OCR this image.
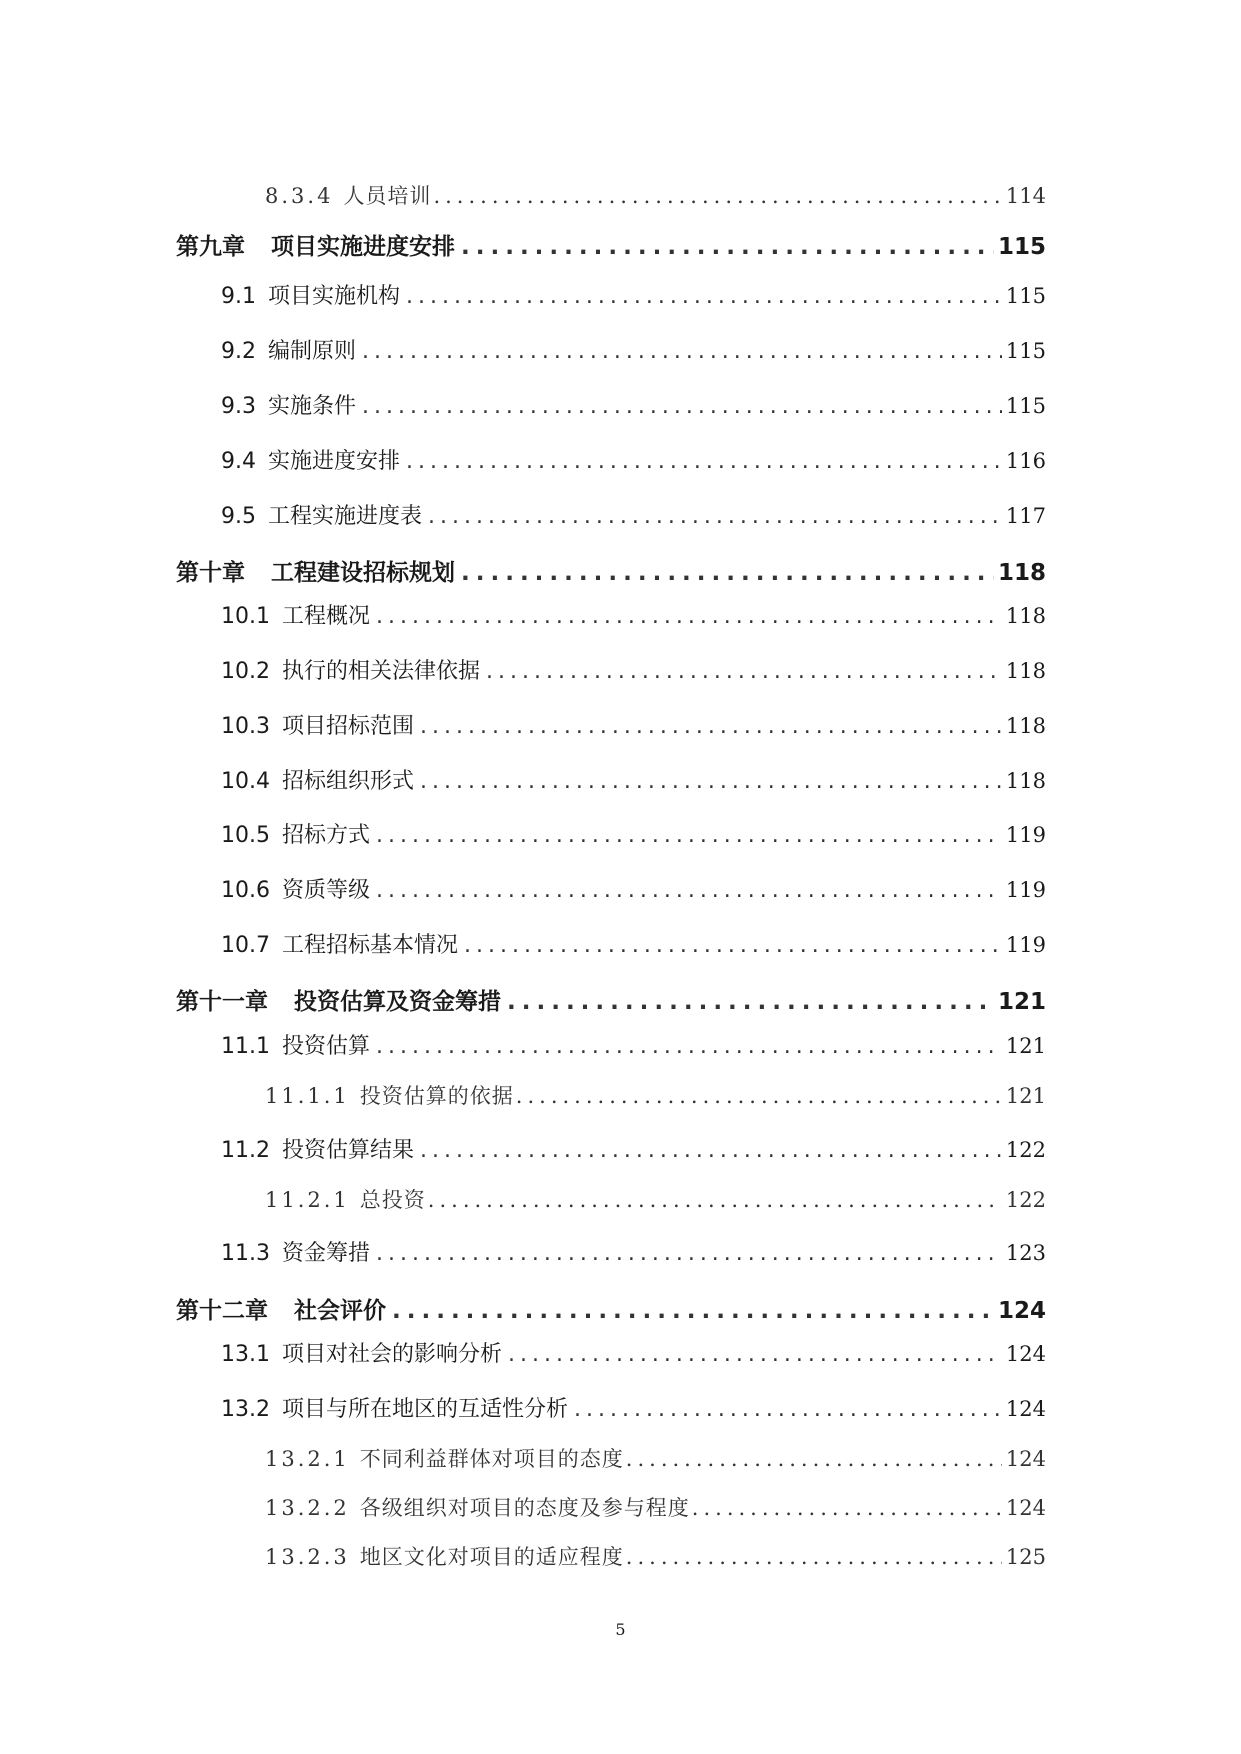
8.3.4 人员培训 .....	114
第九章 项目实施进度安排 .....	115
9.1 项目实施机构 .....	115
9.2 编制原则 .....	115
9.3 实施条件 .....	115
9.4 实施进度安排 .....	116
9.5 工程实施进度表 .....	117
第十章 工程建设招标规划 .....	118
10.1 工程概况 .....	118
10.2 执行的相关法律依据 .....	118
10.3 项目招标范围 .....	118
10.4 招标组织形式 .....	118
10.5 招标方式 .....	119
10.6 资质等级 .....	119
10.7 工程招标基本情况 .....	119
第十一章 投资估算及资金筹措 .....	121
11.1 投资估算 .....	121
11.1.1 投资估算的依据 .....	121
11.2 投资估算结果 .....	122
11.2.1 总投资 .....	122
11.3 资金筹措 .....	123
第十二章 社会评价 .....	124
13.1 项目对社会的影响分析 .....	124
13.2 项目与所在地区的互适性分析 .....	124
13.2.1 不同利益群体对项目的态度 .....	124
13.2.2 各级组织对项目的态度及参与程度 .....	124
13.2.3 地区文化对项目的适应程度 .....	125
5
